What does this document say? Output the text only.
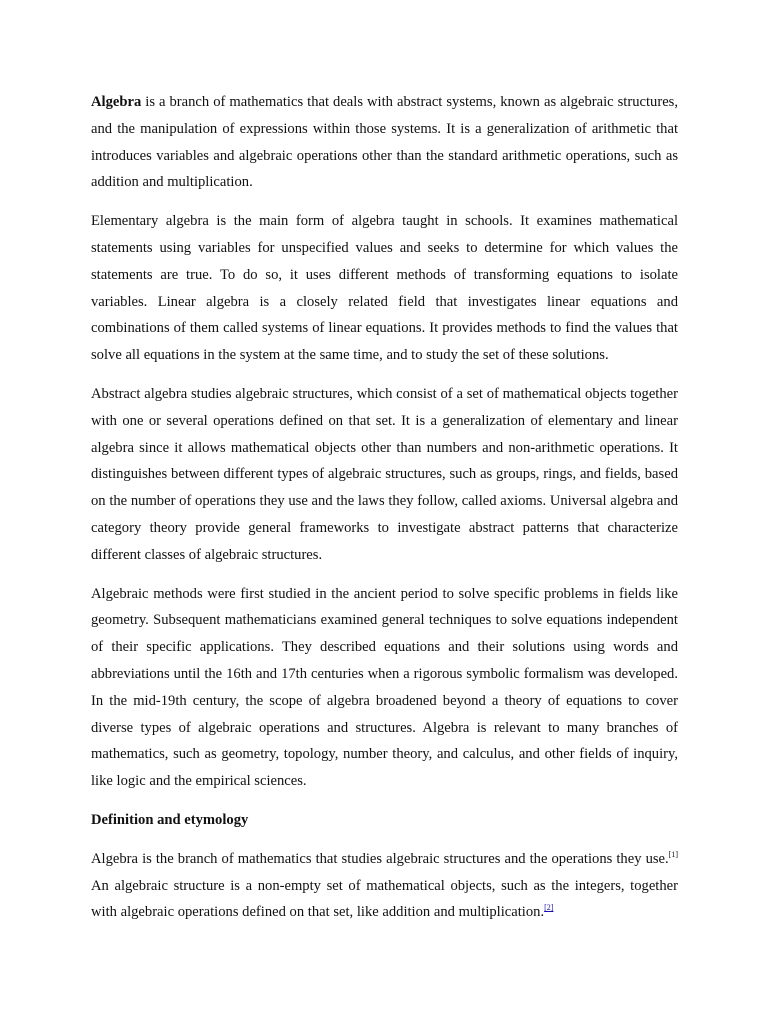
Algebra is a branch of mathematics that deals with abstract systems, known as algebraic structures, and the manipulation of expressions within those systems. It is a generalization of arithmetic that introduces variables and algebraic operations other than the standard arithmetic operations, such as addition and multiplication.

Elementary algebra is the main form of algebra taught in schools. It examines mathematical statements using variables for unspecified values and seeks to determine for which values the statements are true. To do so, it uses different methods of transforming equations to isolate variables. Linear algebra is a closely related field that investigates linear equations and combinations of them called systems of linear equations. It provides methods to find the values that solve all equations in the system at the same time, and to study the set of these solutions.

Abstract algebra studies algebraic structures, which consist of a set of mathematical objects together with one or several operations defined on that set. It is a generalization of elementary and linear algebra since it allows mathematical objects other than numbers and non-arithmetic operations. It distinguishes between different types of algebraic structures, such as groups, rings, and fields, based on the number of operations they use and the laws they follow, called axioms. Universal algebra and category theory provide general frameworks to investigate abstract patterns that characterize different classes of algebraic structures.

Algebraic methods were first studied in the ancient period to solve specific problems in fields like geometry. Subsequent mathematicians examined general techniques to solve equations independent of their specific applications. They described equations and their solutions using words and abbreviations until the 16th and 17th centuries when a rigorous symbolic formalism was developed. In the mid-19th century, the scope of algebra broadened beyond a theory of equations to cover diverse types of algebraic operations and structures. Algebra is relevant to many branches of mathematics, such as geometry, topology, number theory, and calculus, and other fields of inquiry, like logic and the empirical sciences.

Definition and etymology

Algebra is the branch of mathematics that studies algebraic structures and the operations they use.[1] An algebraic structure is a non-empty set of mathematical objects, such as the integers, together with algebraic operations defined on that set, like addition and multiplication.[2]
